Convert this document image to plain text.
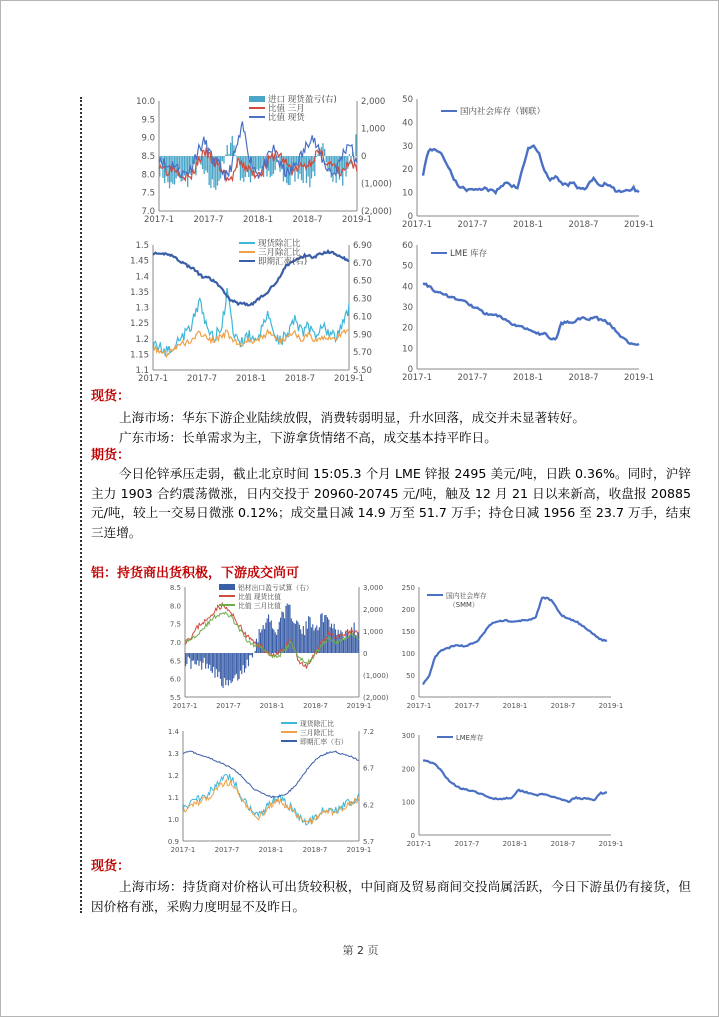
10.0
9.5
9.0
8.5
8.0
7.5
7.0
2,000
1,000
0
(1,000)
(2,000)
2017-1 2017-7 2018-1 2018-7 2019-1
进口 现货盈亏(右)
比值 三月
比值 现货
50
40
30
20
10
0
2017-1	2017-7	2018-1	2018-7	2019-1
国内社会库存（钢联）
1.5
1.45
1.4
1.35
1.3
1.25
1.2
1.15
1.1
6.90
6.70
6.50
6.30
6.10
5.90
5.70
5.50
2017-1 2017-7 2018-1 2018-7 2019-1
现货除汇比
三月除汇比
即期汇率(右)
60
50
40
30
20
10
0
2017-1	2017-7	2018-1	2018-7	2019-1
LME 库存

现货：

上海市场：华东下游企业陆续放假，消费转弱明显，升水回落，成交并未显著转好。

广东市场：长单需求为主，下游拿货情绪不高，成交基本持平昨日。

期货：

今日伦锌承压走弱，截止北京时间 15:05.3 个月 LME 锌报 2495 美元/吨，日跌 0.36%。同时，沪锌主力 1903 合约震荡微涨，日内交投于 20960-20745 元/吨，触及 12 月 21 日以来新高，收盘报 20885 元/吨，较上一交易日微涨 0.12%；成交量日减 14.9 万至 51.7 万手；持仓日减 1956 至 23.7 万手，结束三连增。

铝：持货商出货积极，下游成交尚可

8.5
8.0
7.5
7.0
6.5
6.0
5.5
3,000
2,000
1,000
0
(1,000)
(2,000)
2017-1	2017-7	2018-1	2018-7	2019-1
铝材出口盈亏试算（右）
比值 现货比值
比值 三月比值
250
200
150
100
50
0
2017-1	2017-7	2018-1	2018-7	2019-1
国内社会库存
（SMM）
1.4
1.3
1.2
1.1
1.0
0.9
7.2
6.7
6.2
5.7
2017-1	2017-7	2018-1	2018-7	2019-1
现货除汇比
三月除汇比
即期汇率（右）
300
200
100
0
2017-1	2017-7	2018-1	2018-7	2019-1
LME库存

现货：

上海市场：持货商对价格认可出货较积极，中间商及贸易商间交投尚属活跃，今日下游虽仍有接货，但因价格有涨，采购力度明显不及昨日。

第 2 页
